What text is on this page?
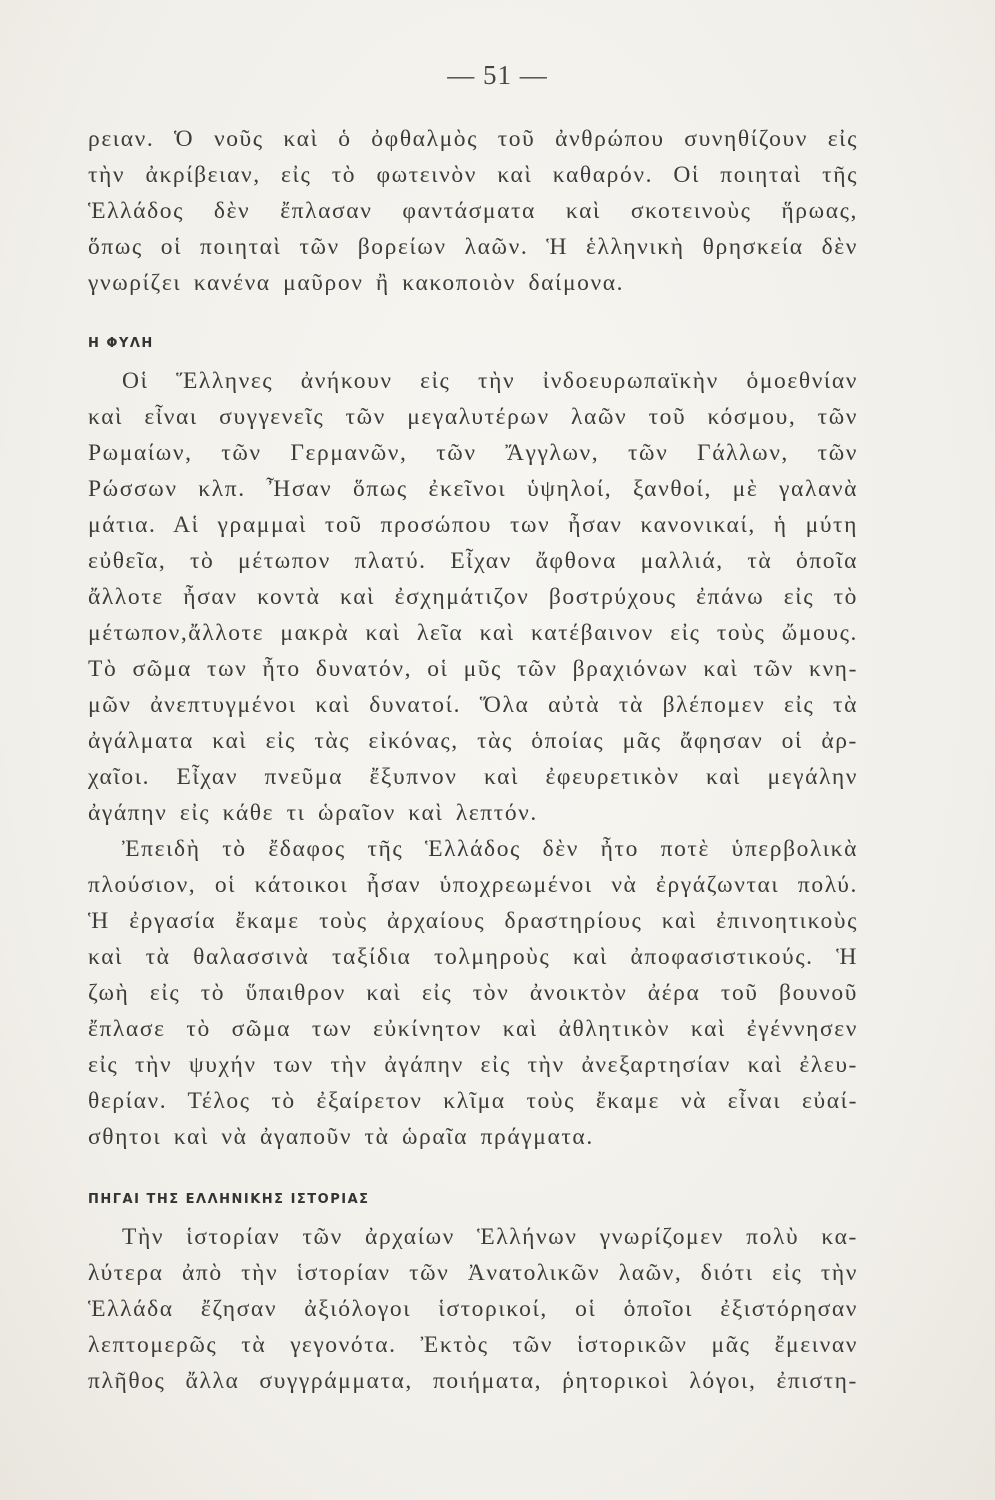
— 51 —
ρειαν. Ὁ νοῦς καὶ ὁ ὀφθαλμὸς τοῦ ἀνθρώπου συνηθίζουν εἰς
τὴν ἀκρίβειαν, εἰς τὸ φωτεινὸν καὶ καθαρόν. Οἱ ποιηταὶ τῆς
Ἑλλάδος δὲν ἔπλασαν φαντάσματα καὶ σκοτεινοὺς ἥρωας,
ὅπως οἱ ποιηταὶ τῶν βορείων λαῶν. Ἡ ἑλληνικὴ θρησκεία δὲν
γνωρίζει κανένα μαῦρον ἢ κακοποιὸν δαίμονα.
Η ΦΥΛΗ
Οἱ Ἕλληνες ἀνήκουν εἰς τὴν ἰνδοευρωπαϊκὴν ὁμοεθνίαν
καὶ εἶναι συγγενεῖς τῶν μεγαλυτέρων λαῶν τοῦ κόσμου, τῶν
Ρωμαίων, τῶν Γερμανῶν, τῶν Ἄγγλων, τῶν Γάλλων, τῶν
Ρώσσων κλπ. Ἦσαν ὅπως ἐκεῖνοι ὑψηλοί, ξανθοί, μὲ γαλανὰ
μάτια. Αἱ γραμμαὶ τοῦ προσώπου των ἦσαν κανονικαί, ἡ μύτη
εὐθεῖα, τὸ μέτωπον πλατύ. Εἶχαν ἄφθονα μαλλιά, τὰ ὁποῖα
ἄλλοτε ἦσαν κοντὰ καὶ ἐσχημάτιζον βοστρύχους ἐπάνω εἰς τὸ
μέτωπον,ἄλλοτε μακρὰ καὶ λεῖα καὶ κατέβαινον εἰς τοὺς ὤμους.
Τὸ σῶμα των ἦτο δυνατόν, οἱ μῦς τῶν βραχιόνων καὶ τῶν κνη-
μῶν ἀνεπτυγμένοι καὶ δυνατοί. Ὅλα αὐτὰ τὰ βλέπομεν εἰς τὰ
ἀγάλματα καὶ εἰς τὰς εἰκόνας, τὰς ὁποίας μᾶς ἄφησαν οἱ ἀρ-
χαῖοι. Εἶχαν πνεῦμα ἔξυπνον καὶ ἐφευρετικὸν καὶ μεγάλην
ἀγάπην εἰς κάθε τι ὡραῖον καὶ λεπτόν.
Ἐπειδὴ τὸ ἔδαφος τῆς Ἑλλάδος δὲν ἦτο ποτὲ ὑπερβολικὰ
πλούσιον, οἱ κάτοικοι ἦσαν ὑποχρεωμένοι νὰ ἐργάζωνται πολύ.
Ἡ ἐργασία ἔκαμε τοὺς ἀρχαίους δραστηρίους καὶ ἐπινοητικοὺς
καὶ τὰ θαλασσινὰ ταξίδια τολμηροὺς καὶ ἀποφασιστικούς. Ἡ
ζωὴ εἰς τὸ ὕπαιθρον καὶ εἰς τὸν ἀνοικτὸν ἀέρα τοῦ βουνοῦ
ἔπλασε τὸ σῶμα των εὐκίνητον καὶ ἀθλητικὸν καὶ ἐγέννησεν
εἰς τὴν ψυχήν των τὴν ἀγάπην εἰς τὴν ἀνεξαρτησίαν καὶ ἐλευ-
θερίαν. Τέλος τὸ ἐξαίρετον κλῖμα τοὺς ἔκαμε νὰ εἶναι εὐαί-
σθητοι καὶ νὰ ἀγαποῦν τὰ ὡραῖα πράγματα.
ΠΗΓΑΙ ΤΗΣ ΕΛΛΗΝΙΚΗΣ ΙΣΤΟΡΙΑΣ
Τὴν ἱστορίαν τῶν ἀρχαίων Ἑλλήνων γνωρίζομεν πολὺ κα-
λύτερα ἀπὸ τὴν ἱστορίαν τῶν Ἀνατολικῶν λαῶν, διότι εἰς τὴν
Ἑλλάδα ἔζησαν ἀξιόλογοι ἱστορικοί, οἱ ὁποῖοι ἐξιστόρησαν
λεπτομερῶς τὰ γεγονότα. Ἐκτὸς τῶν ἱστορικῶν μᾶς ἔμειναν
πλῆθος ἄλλα συγγράμματα, ποιήματα, ῥητορικοὶ λόγοι, ἐπιστη-
